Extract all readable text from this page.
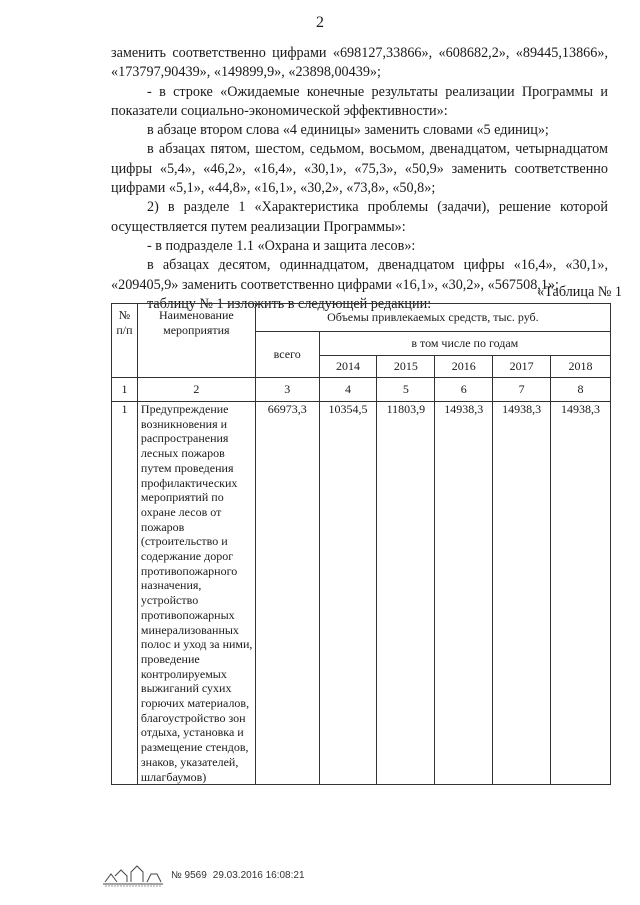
2

заменить соответственно цифрами «698127,33866», «608682,2», «89445,13866», «173797,90439», «149899,9», «23898,00439»;

- в строке «Ожидаемые конечные результаты реализации Программы и показатели социально-экономической эффективности»:

в абзаце втором слова «4 единицы» заменить словами «5 единиц»;

в абзацах пятом, шестом, седьмом, восьмом, двенадцатом, четырнадцатом цифры «5,4», «46,2», «16,4», «30,1», «75,3», «50,9» заменить соответственно цифрами «5,1», «44,8», «16,1», «30,2», «73,8», «50,8»;

2) в разделе 1 «Характеристика проблемы (задачи), решение которой осуществляется путем реализации Программы»:

- в подразделе 1.1 «Охрана и защита лесов»:

в абзацах десятом, одиннадцатом, двенадцатом цифры «16,4», «30,1», «209405,9» заменить соответственно цифрами «16,1», «30,2», «567508,1»;

таблицу № 1 изложить в следующей редакции:

«Таблица № 1
№ п/п	Наименование мероприятия	Объемы привлекаемых средств, тыс. руб.					
		всего	в том числе по годам				
			2014	2015	2016	2017	2018
1	2	3	4	5	6	7	8
1	Предупреждение возникновения и распространения лесных пожаров путем проведения профилактических мероприятий по охране лесов от пожаров (строительство и содержание дорог противопожарного назначения, устройство противопожарных минерализованных полос и уход за ними, проведение контролируемых выжиганий сухих горючих материалов, благоустройство зон отдыха, установка и размещение стендов, знаков, указателей, шлагбаумов)	66973,3	10354,5	11803,9	14938,3	14938,3	14938,3
№ 9569 29.03.2016 16:08:21
